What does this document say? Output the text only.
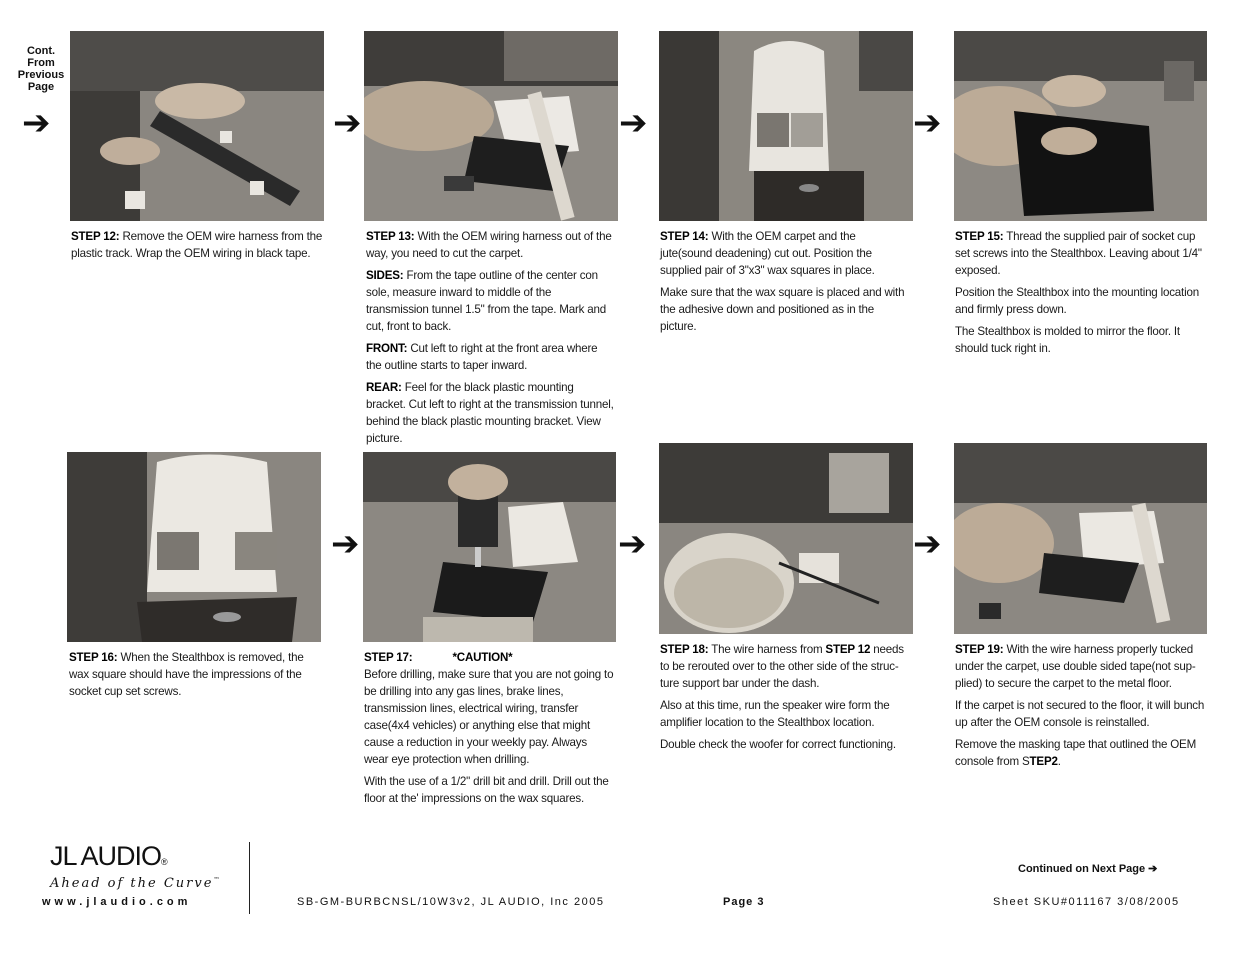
Cont.
From
Previous
Page
➔	➔	➔	➔
➔	➔	➔

STEP 12: Remove the OEM wire harness from the plastic track. Wrap the OEM wiring in black tape.

STEP 13: With the OEM wiring harness out of the way, you need to cut the carpet.

SIDES: From the tape outline of the center con sole, measure inward to middle of the transmission tunnel 1.5" from the tape. Mark and cut, front to back.

FRONT: Cut left to right at the front area where the outline starts to taper inward.

REAR: Feel for the black plastic mounting bracket. Cut left to right at the transmission tunnel, behind the black plastic mounting bracket. View picture.

STEP 14: With the OEM carpet and the jute(sound deadening) cut out. Position the supplied pair of 3"x3" wax squares in place.

Make sure that the wax square is placed and with the adhesive down and positioned as in the picture.

STEP 15: Thread the supplied pair of socket cup set screws into the Stealthbox. Leaving about 1/4" exposed.

Position the Stealthbox into the mounting location and firmly press down.

The Stealthbox is molded to mirror the floor. It should tuck right in.

STEP 16: When the Stealthbox is removed, the wax square should have the impressions of the socket cup set screws.

STEP 17:	*CAUTION*
Before drilling, make sure that you are not going to be drilling into any gas lines, brake lines, transmission lines, electrical wiring, transfer case(4x4 vehicles) or anything else that might cause a reduction in your weekly pay. Always wear eye protection when drilling.

With the use of a 1/2" drill bit and drill. Drill out the floor at the' impressions on the wax squares.

STEP 18: The wire harness from STEP 12 needs to be rerouted over to the other side of the struc- ture support bar under the dash.

Also at this time, run the speaker wire form the amplifier location to the Stealthbox location.

Double check the woofer for correct functioning.

STEP 19: With the wire harness properly tucked under the carpet, use double sided tape(not sup- plied) to secure the carpet to the metal floor.

If the carpet is not secured to the floor, it will bunch up after the OEM console is reinstalled.

Remove the masking tape that outlined the OEM console from STEP2.

JL AUDIO®
Ahead of the Curve™
www.jlaudio.com	SB-GM-BURBCNSL/10W3v2, JL AUDIO, Inc 2005	Page 3	Sheet SKU#011167 3/08/2005
Continued on Next Page ➔
